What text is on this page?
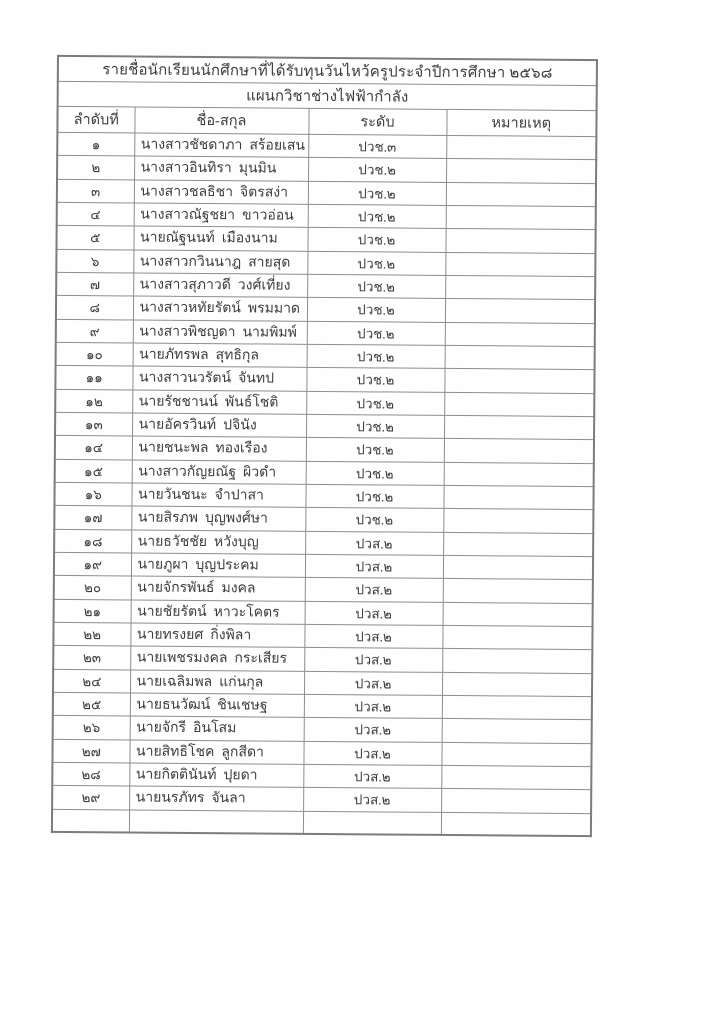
รายชื่อนักเรียนนักศึกษาที่ได้รับทุนวันไหว้ครูประจำปีการศึกษา ๒๕๖๘			
แผนกวิชาช่างไฟฟ้ากำลัง			
ลำดับที่	ชื่อ-สกุล	ระดับ	หมายเหตุ
๑	นางสาวชัชดาภา  สร้อยเสน	ปวช.๓	
๒	นางสาวอินทิรา  มุนมิน	ปวช.๒	
๓	นางสาวชลธิชา  จิตรสง่า	ปวช.๒	
๔	นางสาวณัฐชยา  ขาวอ่อน	ปวช.๒	
๕	นายณัฐนนท์  เมืองนาม	ปวช.๒	
๖	นางสาวกวินนาฎ  สายสุด	ปวช.๒	
๗	นางสาวสุภาวดี  วงศ์เที่ยง	ปวช.๒	
๘	นางสาวหทัยรัตน์  พรมมาด	ปวช.๒	
๙	นางสาวพิชญดา  นามพิมพ์	ปวช.๒	
๑๐	นายภัทรพล  สุทธิกุล	ปวช.๒	
๑๑	นางสาวนวรัตน์  จันทป	ปวช.๒	
๑๒	นายรัชชานน์  พันธ์โชติ	ปวช.๒	
๑๓	นายอัครวินท์  ปจินัง	ปวช.๒	
๑๔	นายชนะพล  ทองเรือง	ปวช.๒	
๑๕	นางสาวกัญยณัฐ  ผิวดำ	ปวช.๒	
๑๖	นายวันชนะ  จำปาสา	ปวช.๒	
๑๗	นายสิรภพ  บุญพงศ์ษา	ปวช.๒	
๑๘	นายธวัชชัย  หวังบุญ	ปวส.๒	
๑๙	นายภูผา  บุญประคม	ปวส.๒	
๒๐	นายจักรพันธ์  มงคล	ปวส.๒	
๒๑	นายชัยรัตน์  หาวะโคตร	ปวส.๒	
๒๒	นายทรงยศ  กิ่งพิลา	ปวส.๒	
๒๓	นายเพชรมงคล  กระเสียร	ปวส.๒	
๒๔	นายเฉลิมพล  แก่นกุล	ปวส.๒	
๒๕	นายธนวัฒน์  ชินเชษฐ	ปวส.๒	
๒๖	นายจักรี  อินโสม	ปวส.๒	
๒๗	นายสิทธิโชค  ลูกสีดา	ปวส.๒	
๒๘	นายกิตตินันท์  ปุยดา	ปวส.๒	
๒๙	นายนรภัทร  จันลา	ปวส.๒	
